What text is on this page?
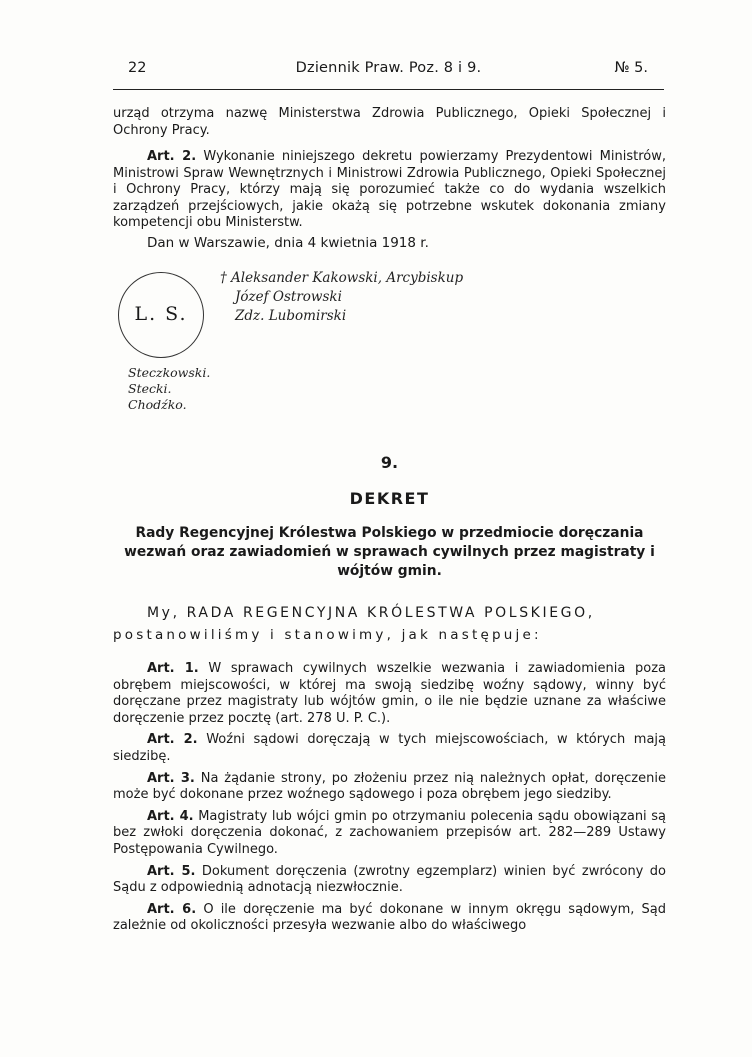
22	Dziennik Praw. Poz. 8 i 9.	№ 5.

urząd otrzyma nazwę Ministerstwa Zdrowia Publicznego, Opieki Społecznej i Ochrony Pracy.

Art. 2. Wykonanie niniejszego dekretu powierzamy Prezydentowi Ministrów, Ministrowi Spraw Wewnętrznych i Ministrowi Zdrowia Publicznego, Opieki Społecznej i Ochrony Pracy, którzy mają się porozumieć także co do wydania wszelkich zarządzeń przejściowych, jakie okażą się potrzebne wskutek dokonania zmiany kompetencji obu Ministerstw.

Dan w Warszawie, dnia 4 kwietnia 1918 r.
L. S.
† Aleksander Kakowski, Arcybiskup
Józef Ostrowski
Zdz. Lubomirski
Steczkowski.
Stecki.
Chodźko.
9.
DEKRET
Rady Regencyjnej Królestwa Polskiego w przedmiocie doręczania wezwań oraz zawiadomień w sprawach cywilnych przez magistraty i wójtów gmin.
My, RADA REGENCYJNA KRÓLESTWA POLSKIEGO,
postanowiliśmy i stanowimy, jak następuje:

Art. 1. W sprawach cywilnych wszelkie wezwania i zawiadomienia poza obrębem miejscowości, w której ma swoją siedzibę woźny sądowy, winny być doręczane przez magistraty lub wójtów gmin, o ile nie będzie uznane za właściwe doręczenie przez pocztę (art. 278 U. P. C.).

Art. 2. Woźni sądowi doręczają w tych miejscowościach, w których mają siedzibę.

Art. 3. Na żądanie strony, po złożeniu przez nią należnych opłat, doręczenie może być dokonane przez woźnego sądowego i poza obrębem jego siedziby.

Art. 4. Magistraty lub wójci gmin po otrzymaniu polecenia sądu obowiązani są bez zwłoki doręczenia dokonać, z zachowaniem przepisów art. 282—289 Ustawy Postępowania Cywilnego.

Art. 5. Dokument doręczenia (zwrotny egzemplarz) winien być zwrócony do Sądu z odpowiednią adnotacją niezwłocznie.

Art. 6. O ile doręczenie ma być dokonane w innym okręgu sądowym, Sąd zależnie od okoliczności przesyła wezwanie albo do właściwego
